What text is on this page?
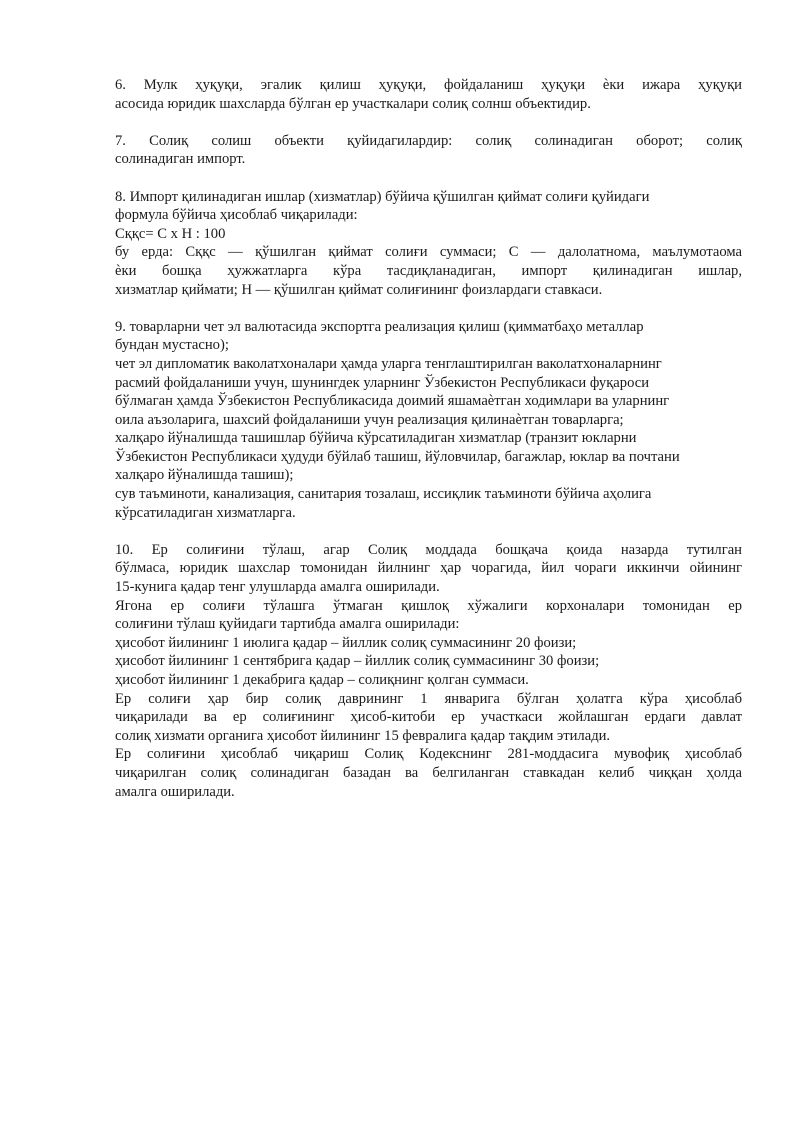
6. Мулк ҳуқуқи, эгалик қилиш ҳуқуқи, фойдаланиш ҳуқуқи ѐки ижара ҳуқуқи
асосида юридик шахсларда бўлган ер участкалари солиқ солнш объектидир.
7. Солиқ солиш объекти қуйидагилардир: солиқ солинадиган оборот; солиқ
солинадиган импорт.
8. Импорт қилинадиган ишлар (хизматлар) бўйича қўшилган қиймат солиғи қуйидаги
формула бўйича ҳисоблаб чиқарилади:
Сққс= С х Н : 100
бу ерда: Сққс — қўшилган қиймат солиғи суммаси; С — далолатнома, маълумотаома
ѐки бошқа ҳужжатларга кўра тасдиқланадиган, импорт қилинадиган ишлар,
хизматлар қиймати; Н — қўшилган қиймат солиғининг фоизлардаги ставкаси.
9. товарларни чет эл валютасида экспортга реализация қилиш (қимматбаҳо металлар
бундан мустасно);
чет эл дипломатик ваколатхоналари ҳамда уларга тенглаштирилган ваколатхоналарнинг
расмий фойдаланиши учун, шунингдек уларнинг Ўзбекистон Республикаси фуқароси
бўлмаган ҳамда Ўзбекистон Республикасида доимий яшамаѐтган ходимлари ва уларнинг
оила аъзоларига, шахсий фойдаланиши учун реализация қилинаѐтган товарларга;
халқаро йўналишда ташишлар бўйича кўрсатиладиган хизматлар (транзит юкларни
Ўзбекистон Республикаси ҳудуди бўйлаб ташиш, йўловчилар, багажлар, юклар ва почтани
халқаро йўналишда ташиш);
сув таъминоти, канализация, санитария тозалаш, иссиқлик таъминоти бўйича аҳолига
кўрсатиладиган хизматларга.
10. Ер солиғини тўлаш, агар Солиқ моддада бошқача қоида назарда тутилган
бўлмаса, юридик шахслар томонидан йилнинг ҳар чорагида, йил чораги иккинчи ойининг
15-кунига қадар тенг улушларда амалга оширилади.
Ягона ер солиғи тўлашга ўтмаган қишлоқ хўжалиги корхоналари томонидан ер
солиғини тўлаш қуйидаги тартибда амалга оширилади:
ҳисобот йилининг 1 июлига қадар – йиллик солиқ суммасининг 20 фоизи;
ҳисобот йилининг 1 сентябрига қадар – йиллик солиқ суммасининг 30 фоизи;
ҳисобот йилининг 1 декабрига қадар – солиқнинг қолган суммаси.
Ер солиғи ҳар бир солиқ даврининг 1 январига бўлган ҳолатга кўра ҳисоблаб
чиқарилади ва ер солиғининг ҳисоб-китоби ер участкаси жойлашган ердаги давлат
солиқ хизмати органига ҳисобот йилининг 15 февралига қадар тақдим этилади.
Ер солиғини ҳисоблаб чиқариш Солиқ Кодекснинг 281-моддасига мувофиқ ҳисоблаб
чиқарилган солиқ солинадиган базадан ва белгиланган ставкадан келиб чиққан ҳолда
амалга оширилади.
